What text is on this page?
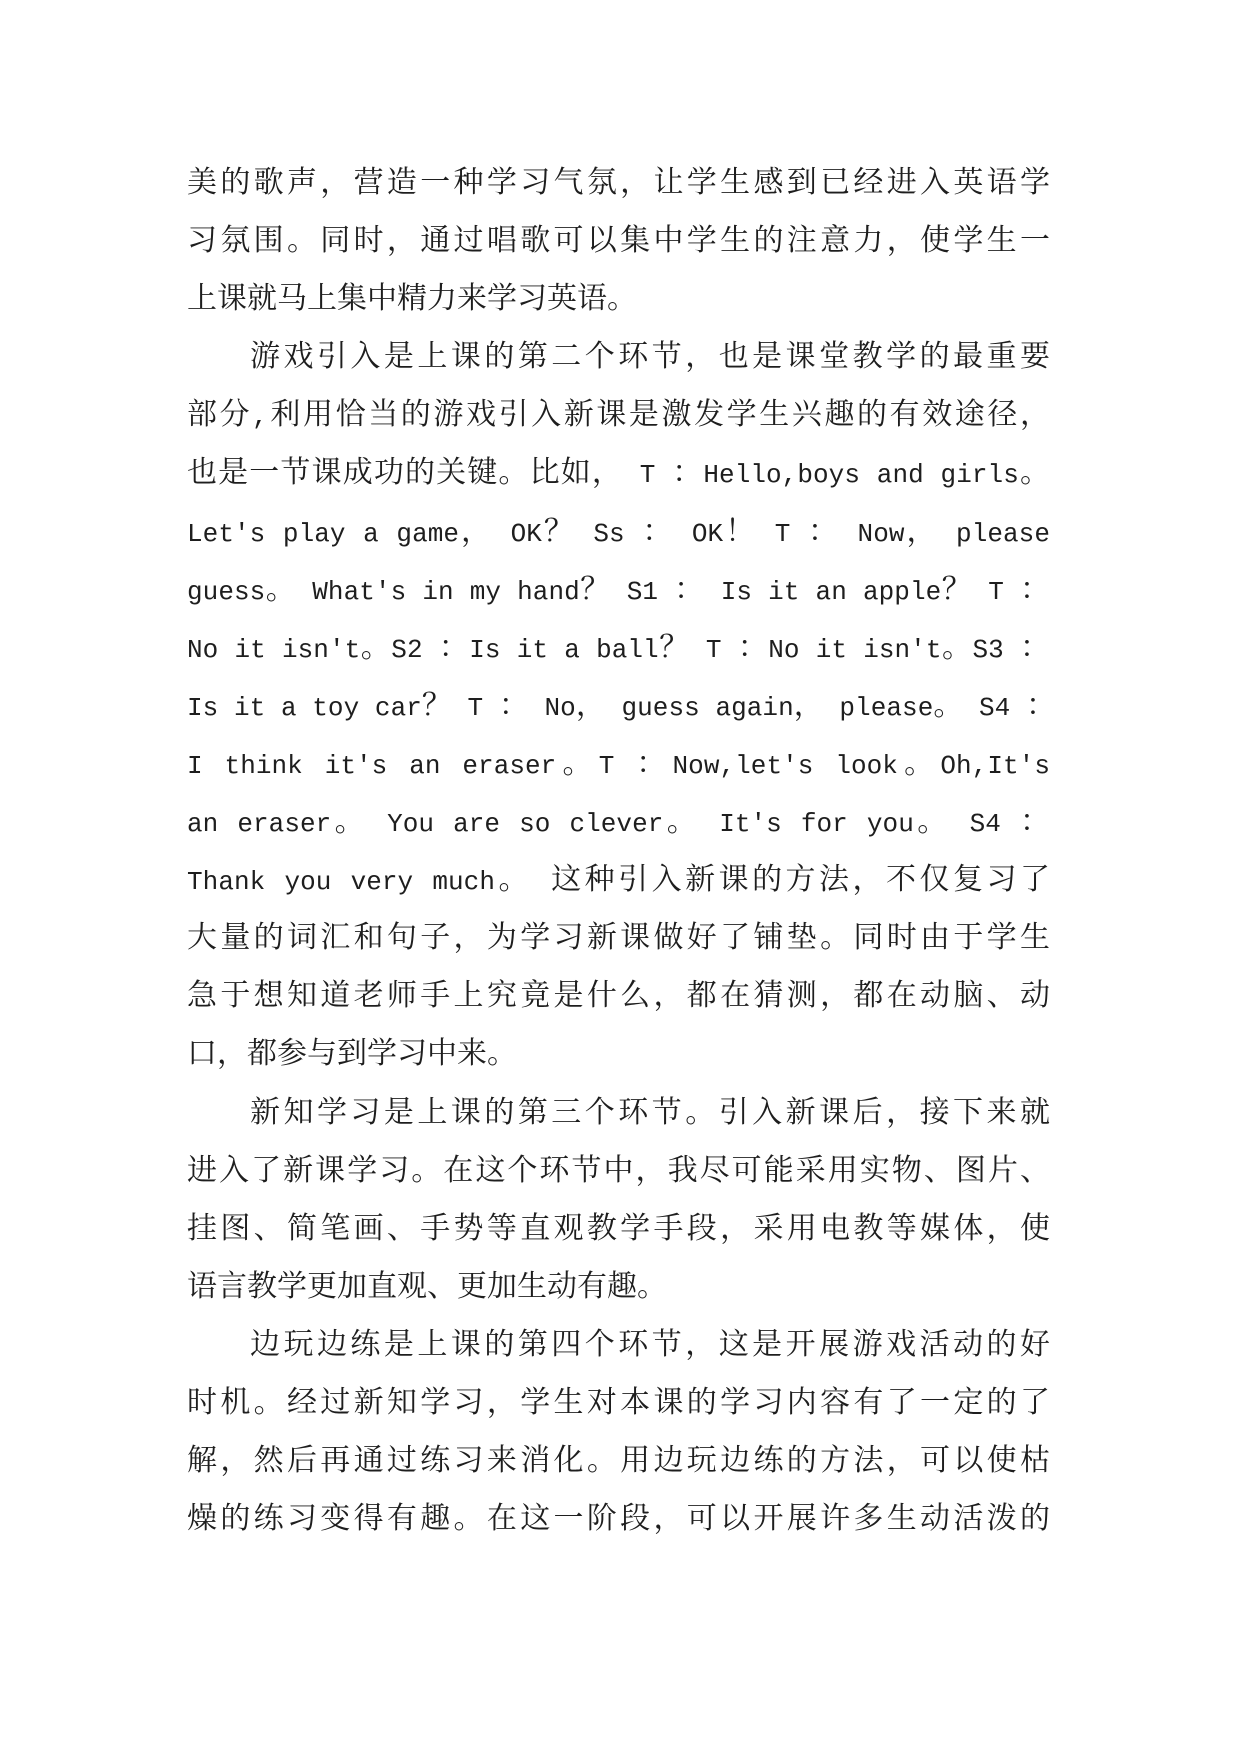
美的歌声，营造一种学习气氛，让学生感到已经进入英语学
习氛围。同时，通过唱歌可以集中学生的注意力，使学生一
上课就马上集中精力来学习英语。
游戏引入是上课的第二个环节，也是课堂教学的最重要
部分,利用恰当的游戏引入新课是激发学生兴趣的有效途径，
也是一节课成功的关键。比如， T ：Hello,boys and girls。
Let's play a game， OK？ Ss ： OK！ T ： Now， please
guess。 What's in my hand？ S1 ： Is it an apple？ T ：
No it isn't。S2 ：Is it a ball？ T ：No it isn't。S3 ：
Is it a toy car？ T ： No， guess again， please。 S4 ：
I think it's an eraser。T ：Now,let's look。Oh,It's
an eraser。 You are so clever。 It's for you。 S4 ：
Thank you very much。 这种引入新课的方法，不仅复习了
大量的词汇和句子，为学习新课做好了铺垫。同时由于学生
急于想知道老师手上究竟是什么，都在猜测，都在动脑、动
口，都参与到学习中来。
新知学习是上课的第三个环节。引入新课后，接下来就
进入了新课学习。在这个环节中，我尽可能采用实物、图片、
挂图、简笔画、手势等直观教学手段，采用电教等媒体，使
语言教学更加直观、更加生动有趣。
边玩边练是上课的第四个环节，这是开展游戏活动的好
时机。经过新知学习，学生对本课的学习内容有了一定的了
解，然后再通过练习来消化。用边玩边练的方法，可以使枯
燥的练习变得有趣。在这一阶段，可以开展许多生动活泼的
